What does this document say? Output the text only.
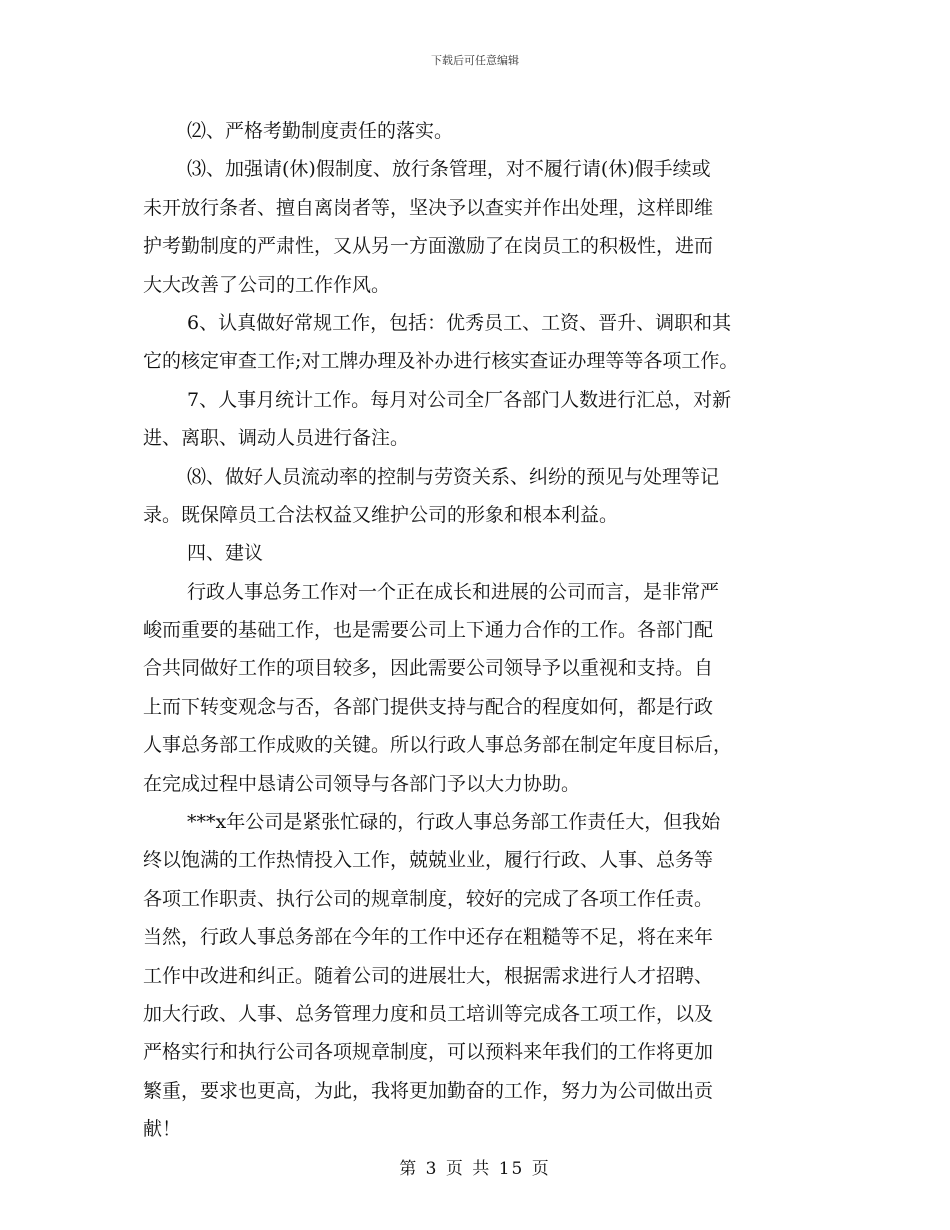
下载后可任意编辑
⑵、严格考勤制度责任的落实。
⑶、加强请(休)假制度、放行条管理，对不履行请(休)假手续或
未开放行条者、擅自离岗者等，坚决予以查实并作出处理，这样即维
护考勤制度的严肃性，又从另一方面激励了在岗员工的积极性，进而
大大改善了公司的工作作风。
6、认真做好常规工作，包括：优秀员工、工资、晋升、调职和其
它的核定审查工作;对工牌办理及补办进行核实查证办理等等各项工作。
7、人事月统计工作。每月对公司全厂各部门人数进行汇总，对新
进、离职、调动人员进行备注。
⑻、做好人员流动率的控制与劳资关系、纠纷的预见与处理等记
录。既保障员工合法权益又维护公司的形象和根本利益。
四、建议
行政人事总务工作对一个正在成长和进展的公司而言，是非常严
峻而重要的基础工作，也是需要公司上下通力合作的工作。各部门配
合共同做好工作的项目较多，因此需要公司领导予以重视和支持。自
上而下转变观念与否，各部门提供支持与配合的程度如何，都是行政
人事总务部工作成败的关键。所以行政人事总务部在制定年度目标后，
在完成过程中恳请公司领导与各部门予以大力协助。
***x年公司是紧张忙碌的，行政人事总务部工作责任大，但我始
终以饱满的工作热情投入工作，兢兢业业，履行行政、人事、总务等
各项工作职责、执行公司的规章制度，较好的完成了各项工作任责。
当然，行政人事总务部在今年的工作中还存在粗糙等不足，将在来年
工作中改进和纠正。随着公司的进展壮大，根据需求进行人才招聘、
加大行政、人事、总务管理力度和员工培训等完成各工项工作，以及
严格实行和执行公司各项规章制度，可以预料来年我们的工作将更加
繁重，要求也更高，为此，我将更加勤奋的工作，努力为公司做出贡
献！
第 3 页 共 15 页
